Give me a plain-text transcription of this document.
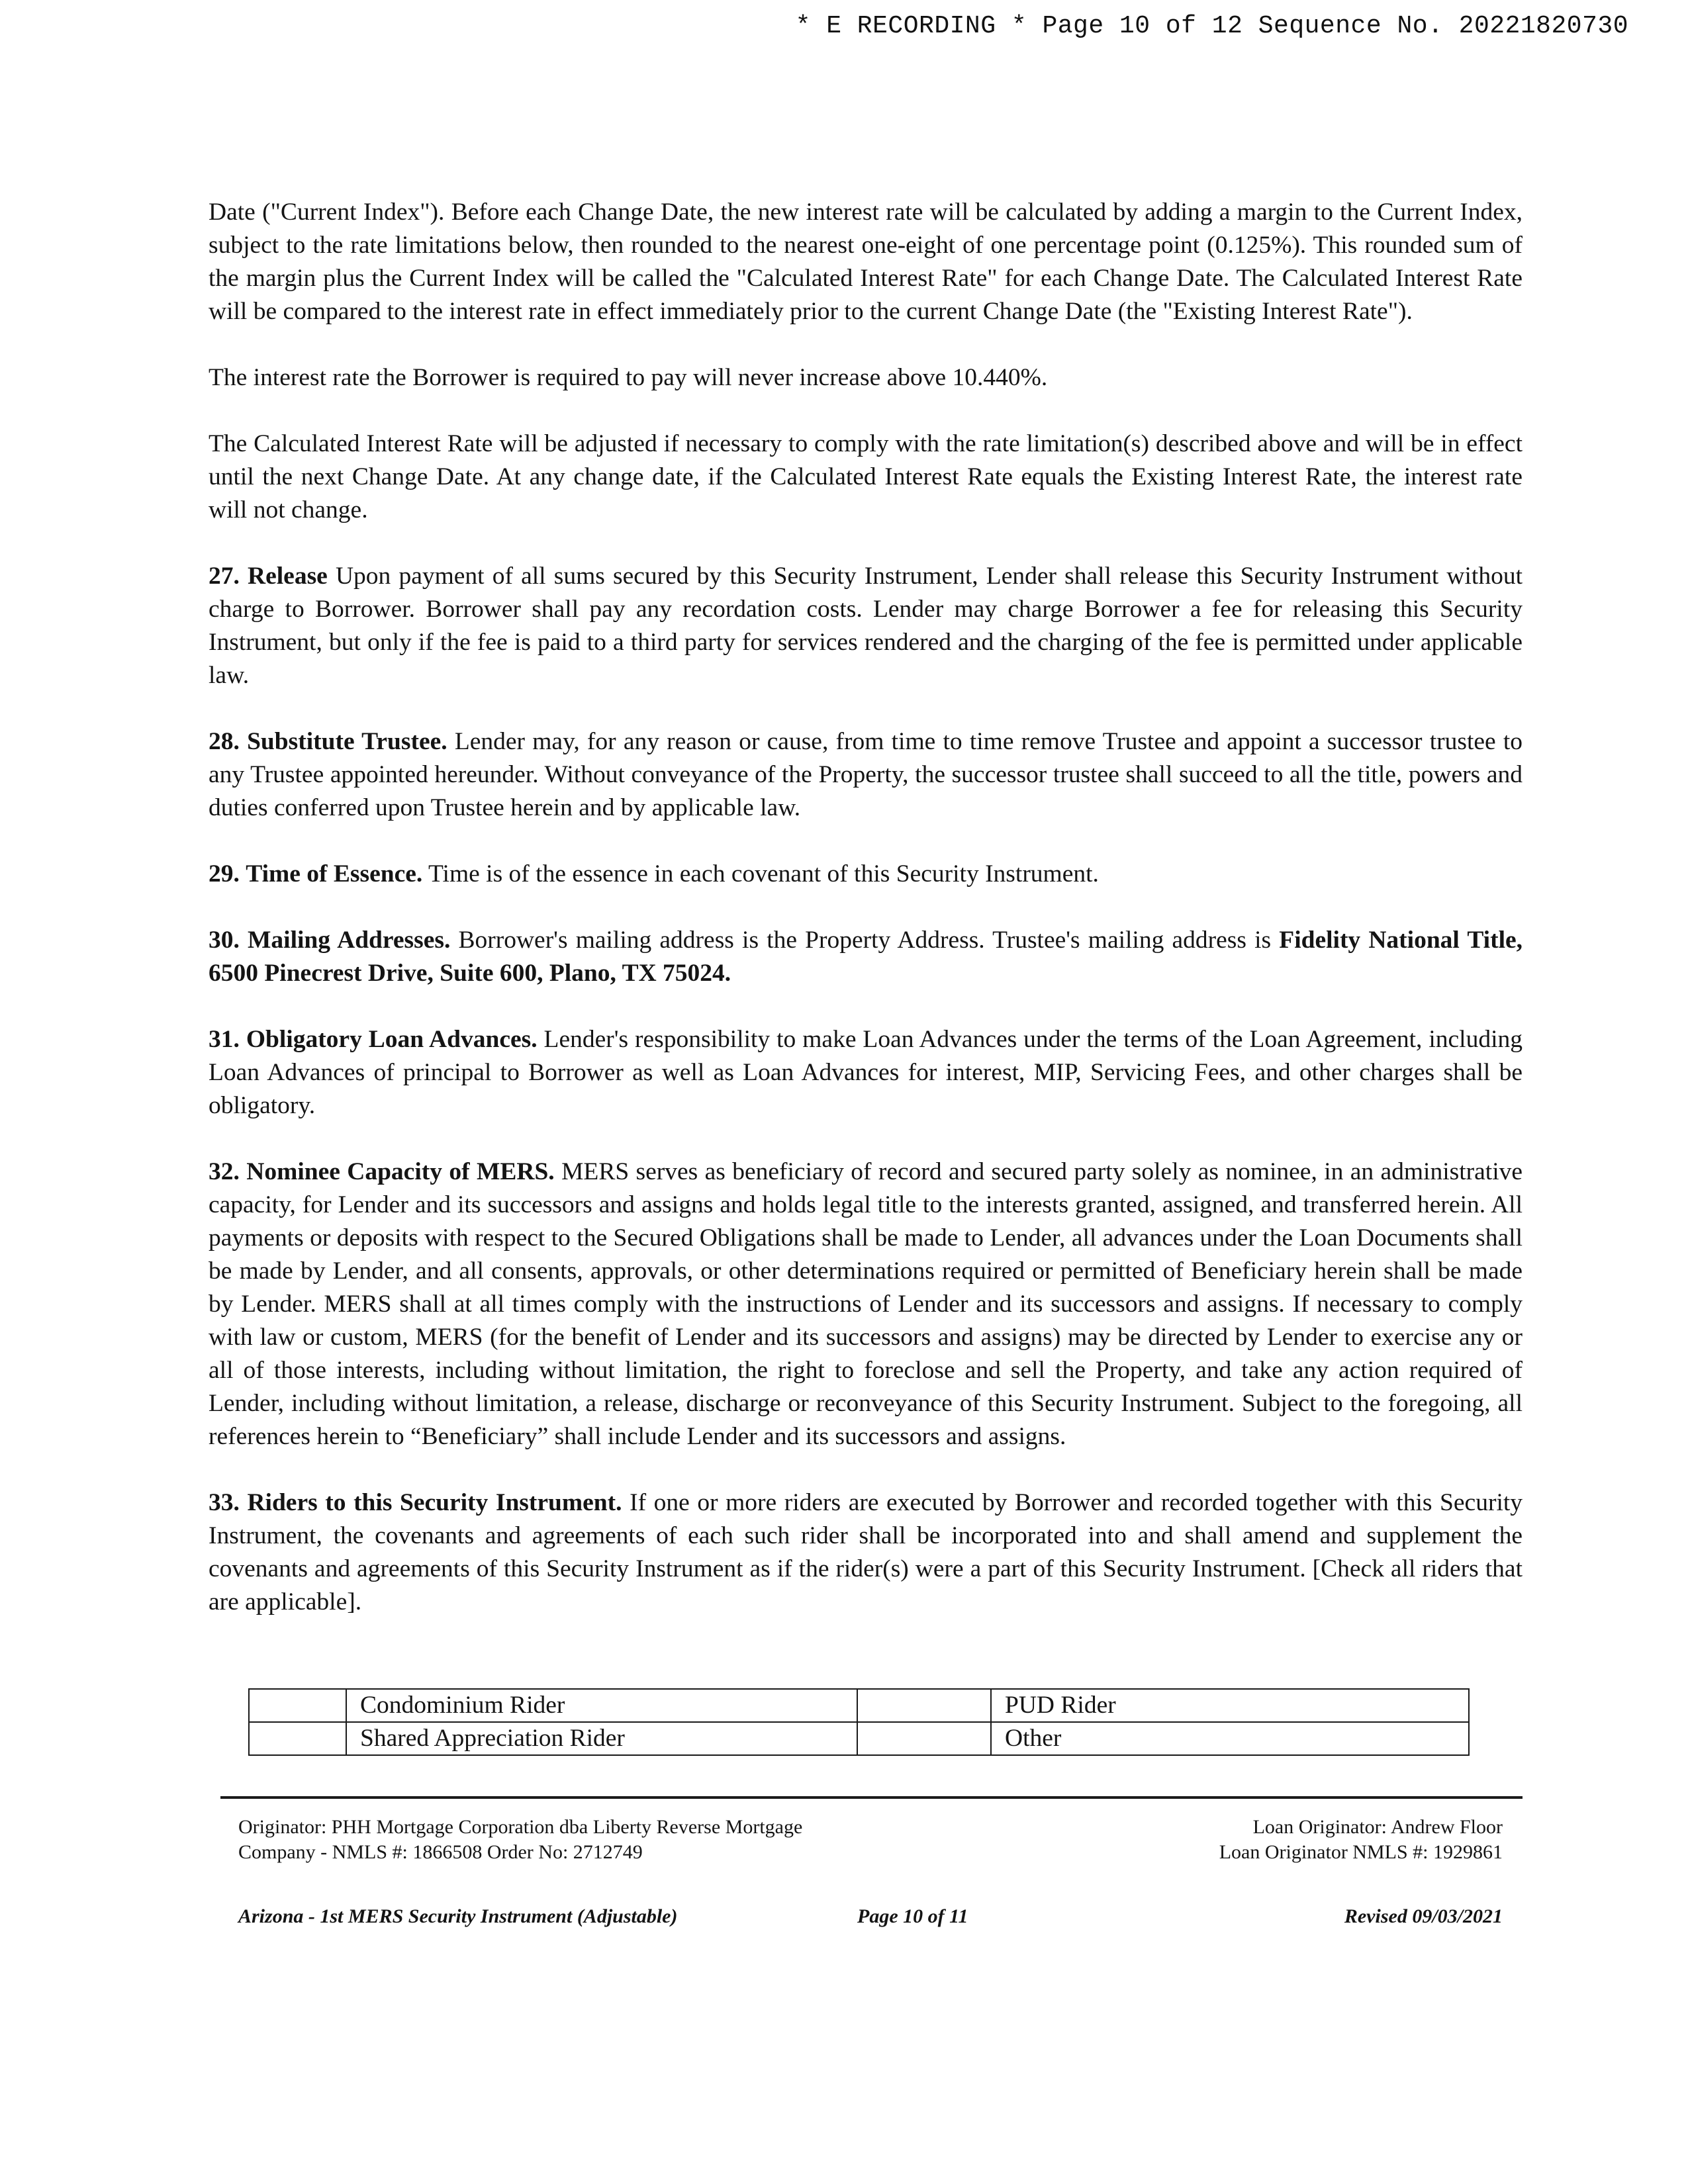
* E RECORDING * Page 10 of 12 Sequence No. 20221820730

Date ("Current Index"). Before each Change Date, the new interest rate will be calculated by adding a margin to the Current Index, subject to the rate limitations below, then rounded to the nearest one-eight of one percentage point (0.125%). This rounded sum of the margin plus the Current Index will be called the "Calculated Interest Rate" for each Change Date. The Calculated Interest Rate will be compared to the interest rate in effect immediately prior to the current Change Date (the "Existing Interest Rate").

The interest rate the Borrower is required to pay will never increase above 10.440%.

The Calculated Interest Rate will be adjusted if necessary to comply with the rate limitation(s) described above and will be in effect until the next Change Date. At any change date, if the Calculated Interest Rate equals the Existing Interest Rate, the interest rate will not change.

27. Release Upon payment of all sums secured by this Security Instrument, Lender shall release this Security Instrument without charge to Borrower. Borrower shall pay any recordation costs. Lender may charge Borrower a fee for releasing this Security Instrument, but only if the fee is paid to a third party for services rendered and the charging of the fee is permitted under applicable law.

28. Substitute Trustee. Lender may, for any reason or cause, from time to time remove Trustee and appoint a successor trustee to any Trustee appointed hereunder. Without conveyance of the Property, the successor trustee shall succeed to all the title, powers and duties conferred upon Trustee herein and by applicable law.

29. Time of Essence. Time is of the essence in each covenant of this Security Instrument.

30. Mailing Addresses. Borrower's mailing address is the Property Address. Trustee's mailing address is Fidelity National Title, 6500 Pinecrest Drive, Suite 600, Plano, TX 75024.

31. Obligatory Loan Advances. Lender's responsibility to make Loan Advances under the terms of the Loan Agreement, including Loan Advances of principal to Borrower as well as Loan Advances for interest, MIP, Servicing Fees, and other charges shall be obligatory.

32. Nominee Capacity of MERS. MERS serves as beneficiary of record and secured party solely as nominee, in an administrative capacity, for Lender and its successors and assigns and holds legal title to the interests granted, assigned, and transferred herein. All payments or deposits with respect to the Secured Obligations shall be made to Lender, all advances under the Loan Documents shall be made by Lender, and all consents, approvals, or other determinations required or permitted of Beneficiary herein shall be made by Lender. MERS shall at all times comply with the instructions of Lender and its successors and assigns. If necessary to comply with law or custom, MERS (for the benefit of Lender and its successors and assigns) may be directed by Lender to exercise any or all of those interests, including without limitation, the right to foreclose and sell the Property, and take any action required of Lender, including without limitation, a release, discharge or reconveyance of this Security Instrument. Subject to the foregoing, all references herein to “Beneficiary” shall include Lender and its successors and assigns.

33. Riders to this Security Instrument. If one or more riders are executed by Borrower and recorded together with this Security Instrument, the covenants and agreements of each such rider shall be incorporated into and shall amend and supplement the covenants and agreements of this Security Instrument as if the rider(s) were a part of this Security Instrument. [Check all riders that are applicable].

	Condominium Rider		PUD Rider
	Shared Appreciation Rider		Other
Originator: PHH Mortgage Corporation dba Liberty Reverse Mortgage
Company - NMLS #: 1866508 Order No: 2712749
Loan Originator: Andrew Floor
Loan Originator NMLS #: 1929861
Arizona - 1st MERS Security Instrument (Adjustable)	Page 10 of 11	Revised 09/03/2021
